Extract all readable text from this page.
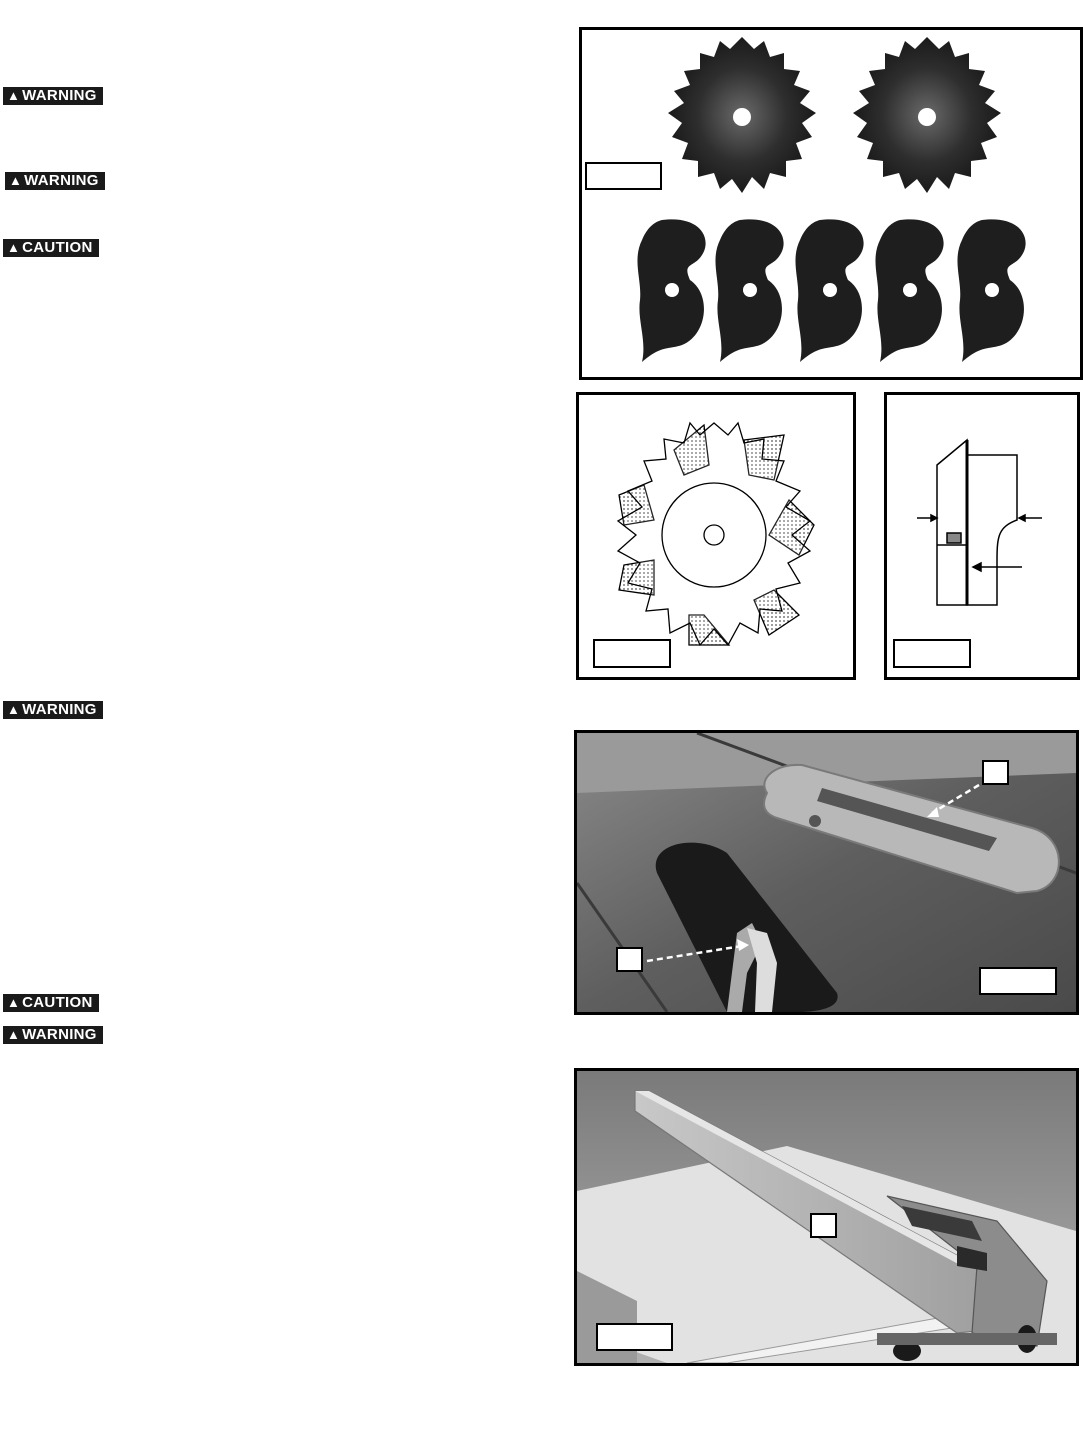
▲ WARNING
▲ WARNING
▲ CAUTION
▲ WARNING
▲ CAUTION
▲ WARNING
